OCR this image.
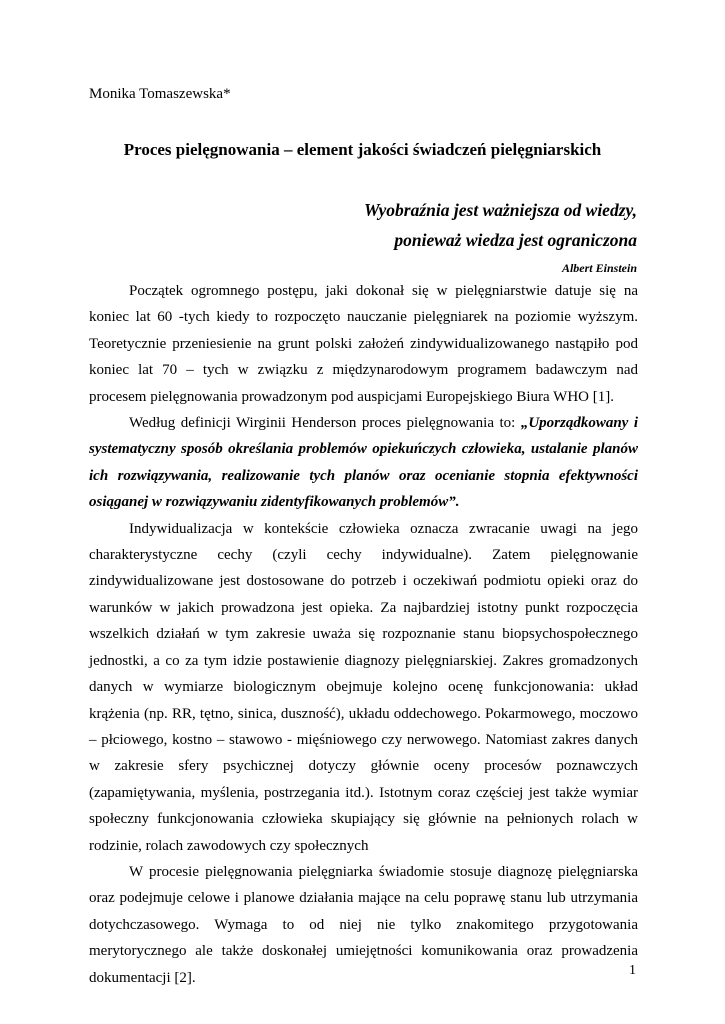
Monika Tomaszewska*
Proces pielęgnowania – element jakości świadczeń pielęgniarskich
Wyobraźnia jest ważniejsza od wiedzy,
ponieważ wiedza jest ograniczona
Albert Einstein

Początek ogromnego postępu, jaki dokonał się w pielęgniarstwie datuje się na koniec lat 60 -tych kiedy to rozpoczęto nauczanie pielęgniarek na poziomie wyższym. Teoretycznie przeniesienie na grunt polski założeń zindywidualizowanego nastąpiło pod koniec lat 70 – tych w związku z międzynarodowym programem badawczym nad procesem pielęgnowania prowadzonym pod auspicjami Europejskiego Biura WHO [1].

Według definicji Wirginii Henderson proces pielęgnowania to: „Uporządkowany i systematyczny sposób określania problemów opiekuńczych człowieka, ustalanie planów ich rozwiązywania, realizowanie tych planów oraz ocenianie stopnia efektywności osiąganej w rozwiązywaniu zidentyfikowanych problemów”.

Indywidualizacja w kontekście człowieka oznacza zwracanie uwagi na jego charakterystyczne cechy (czyli cechy indywidualne). Zatem pielęgnowanie zindywidualizowane jest dostosowane do potrzeb i oczekiwań podmiotu opieki oraz do warunków w jakich prowadzona jest opieka. Za najbardziej istotny punkt rozpoczęcia wszelkich działań w tym zakresie uważa się rozpoznanie stanu biopsychospołecznego jednostki, a co za tym idzie postawienie diagnozy pielęgniarskiej. Zakres gromadzonych danych w wymiarze biologicznym obejmuje kolejno ocenę funkcjonowania: układ krążenia (np. RR, tętno, sinica, duszność), układu oddechowego. Pokarmowego, moczowo – płciowego, kostno – stawowo - mięśniowego czy nerwowego. Natomiast zakres danych w zakresie sfery psychicznej dotyczy głównie oceny procesów poznawczych (zapamiętywania, myślenia, postrzegania itd.). Istotnym coraz częściej jest także wymiar społeczny funkcjonowania człowieka skupiający się głównie na pełnionych rolach w rodzinie, rolach zawodowych czy społecznych

W procesie pielęgnowania pielęgniarka świadomie stosuje diagnozę pielęgniarska oraz podejmuje celowe i planowe działania mające na celu poprawę stanu lub utrzymania dotychczasowego. Wymaga to od niej nie tylko znakomitego przygotowania merytorycznego ale także doskonałej umiejętności komunikowania oraz prowadzenia dokumentacji [2].	1
